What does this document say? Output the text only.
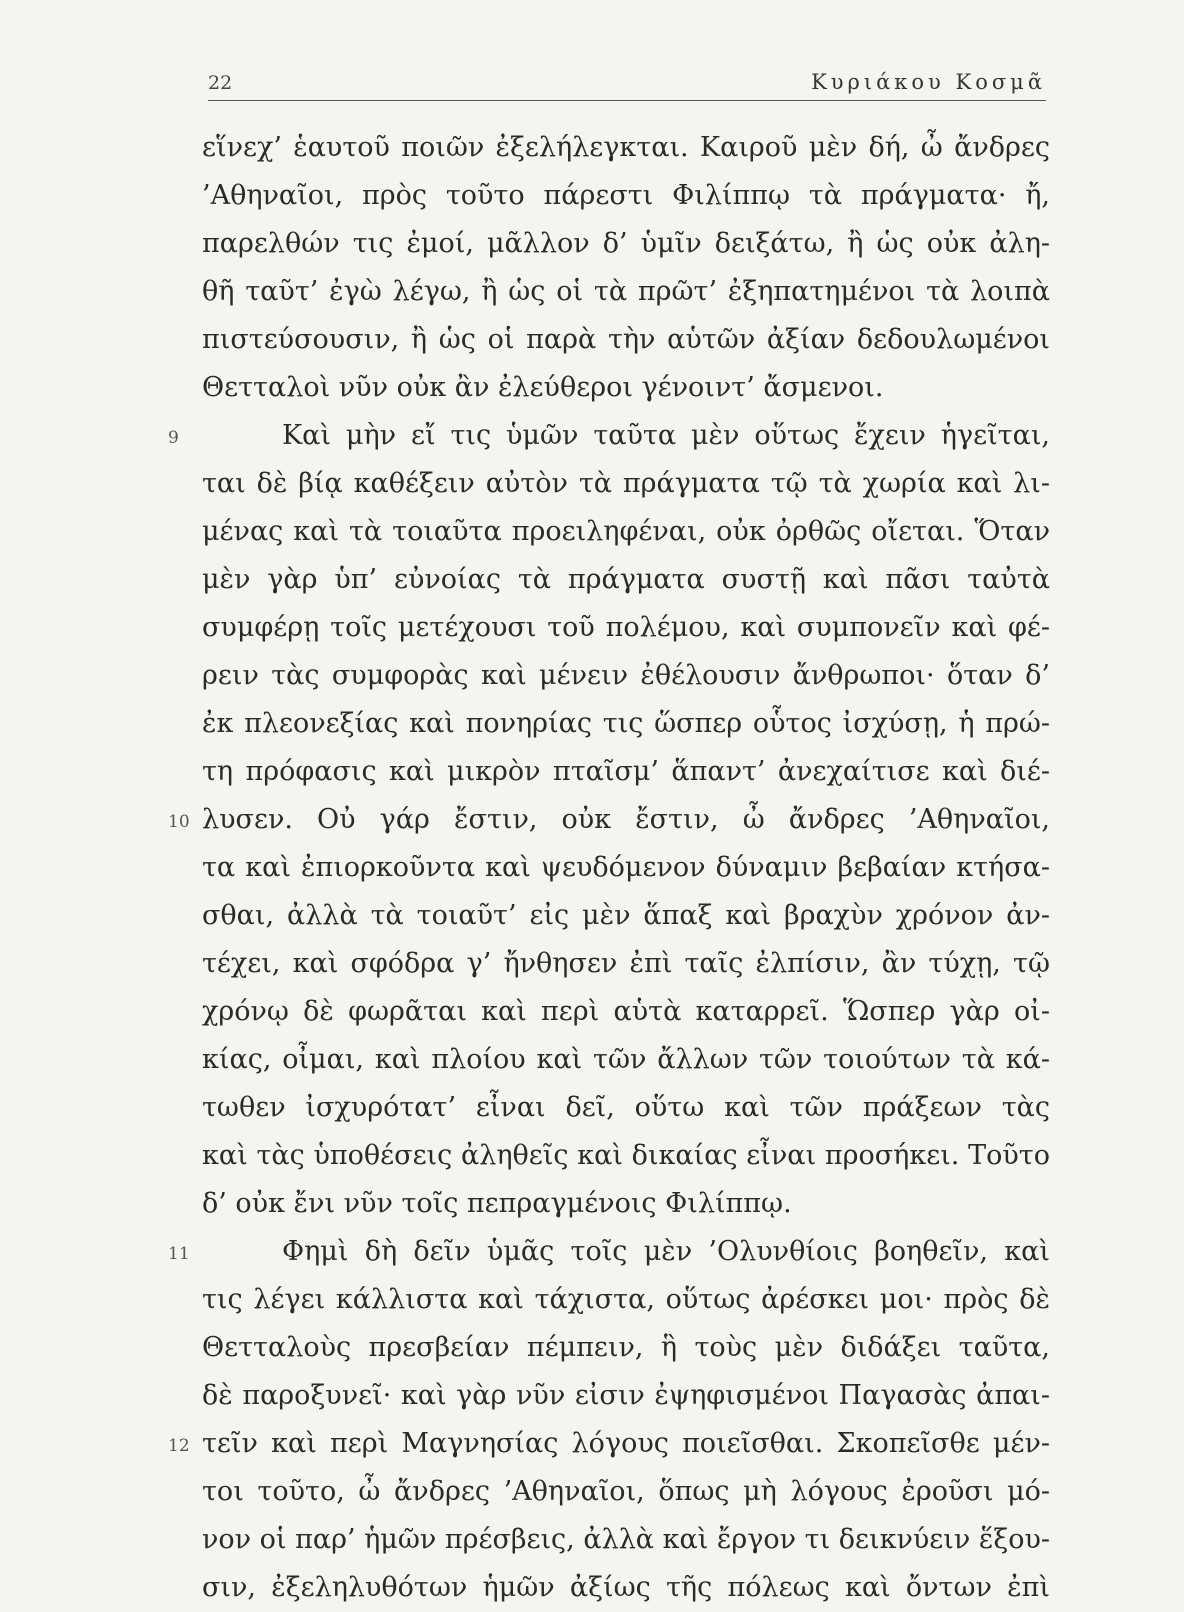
22	Κυριάκου Κοσμᾶ
εἵνεχ’ ἑαυτοῦ ποιῶν ἐξελήλεγκται. Καιροῦ μὲν δή, ὦ ἄνδρες
’Αθηναῖοι, πρὸς τοῦτο πάρεστι Φιλίππῳ τὰ πράγματα· ἤ,
παρελθών τις ἐμοί, μᾶλλον δ’ ὑμῖν δειξάτω, ἢ ὡς οὐκ ἀλη-
θῆ ταῦτ’ ἐγὼ λέγω, ἢ ὡς οἱ τὰ πρῶτ’ ἐξηπατημένοι τὰ λοιπὰ
πιστεύσουσιν, ἢ ὡς οἱ παρὰ τὴν αὑτῶν ἀξίαν δεδουλωμένοι
Θετταλοὶ νῦν οὐκ ἂν ἐλεύθεροι γένοιντ’ ἄσμενοι.
9	Καὶ μὴν εἴ τις ὑμῶν ταῦτα μὲν οὕτως ἔχειν ἡγεῖται,
ται δὲ βίᾳ καθέξειν αὐτὸν τὰ πράγματα τῷ τὰ χωρία καὶ λι-
μένας καὶ τὰ τοιαῦτα προειληφέναι, οὐκ ὀρθῶς οἴεται. Ὅταν
μὲν γὰρ ὑπ’ εὐνοίας τὰ πράγματα συστῇ καὶ πᾶσι ταὐτὰ
συμφέρῃ τοῖς μετέχουσι τοῦ πολέμου, καὶ συμπονεῖν καὶ φέ-
ρειν τὰς συμφορὰς καὶ μένειν ἐθέλουσιν ἄνθρωποι· ὅταν δ’
ἐκ πλεονεξίας καὶ πονηρίας τις ὥσπερ οὗτος ἰσχύσῃ, ἡ πρώ-
τη πρόφασις καὶ μικρὸν πταῖσμ’ ἅπαντ’ ἀνεχαίτισε καὶ διέ-
10 λυσεν. Οὐ γάρ ἔστιν, οὐκ ἔστιν, ὦ ἄνδρες ’Αθηναῖοι,
τα καὶ ἐπιορκοῦντα καὶ ψευδόμενον δύναμιν βεβαίαν κτήσα-
σθαι, ἀλλὰ τὰ τοιαῦτ’ εἰς μὲν ἅπαξ καὶ βραχὺν χρόνον ἀν-
τέχει, καὶ σφόδρα γ’ ἤνθησεν ἐπὶ ταῖς ἐλπίσιν, ἂν τύχῃ, τῷ
χρόνῳ δὲ φωρᾶται καὶ περὶ αὑτὰ καταρρεῖ. Ὥσπερ γὰρ οἰ-
κίας, οἶμαι, καὶ πλοίου καὶ τῶν ἄλλων τῶν τοιούτων τὰ κά-
τωθεν ἰσχυρότατ’ εἶναι δεῖ, οὕτω καὶ τῶν πράξεων τὰς
καὶ τὰς ὑποθέσεις ἀληθεῖς καὶ δικαίας εἶναι προσήκει. Τοῦτο
δ’ οὐκ ἔνι νῦν τοῖς πεπραγμένοις Φιλίππῳ.
11	Φημὶ δὴ δεῖν ὑμᾶς τοῖς μὲν ’Ολυνθίοις βοηθεῖν, καὶ
τις λέγει κάλλιστα καὶ τάχιστα, οὕτως ἀρέσκει μοι· πρὸς δὲ
Θετταλοὺς πρεσβείαν πέμπειν, ἣ τοὺς μὲν διδάξει ταῦτα,
δὲ παροξυνεῖ· καὶ γὰρ νῦν εἰσιν ἐψηφισμένοι Παγασὰς ἀπαι-
12 τεῖν καὶ περὶ Μαγνησίας λόγους ποιεῖσθαι. Σκοπεῖσθε μέν-
τοι τοῦτο, ὦ ἄνδρες ’Αθηναῖοι, ὅπως μὴ λόγους ἐροῦσι μό-
νον οἱ παρ’ ἡμῶν πρέσβεις, ἀλλὰ καὶ ἔργον τι δεικνύειν ἕξου-
σιν, ἐξεληλυθότων ἡμῶν ἀξίως τῆς πόλεως καὶ ὄντων ἐπὶ
